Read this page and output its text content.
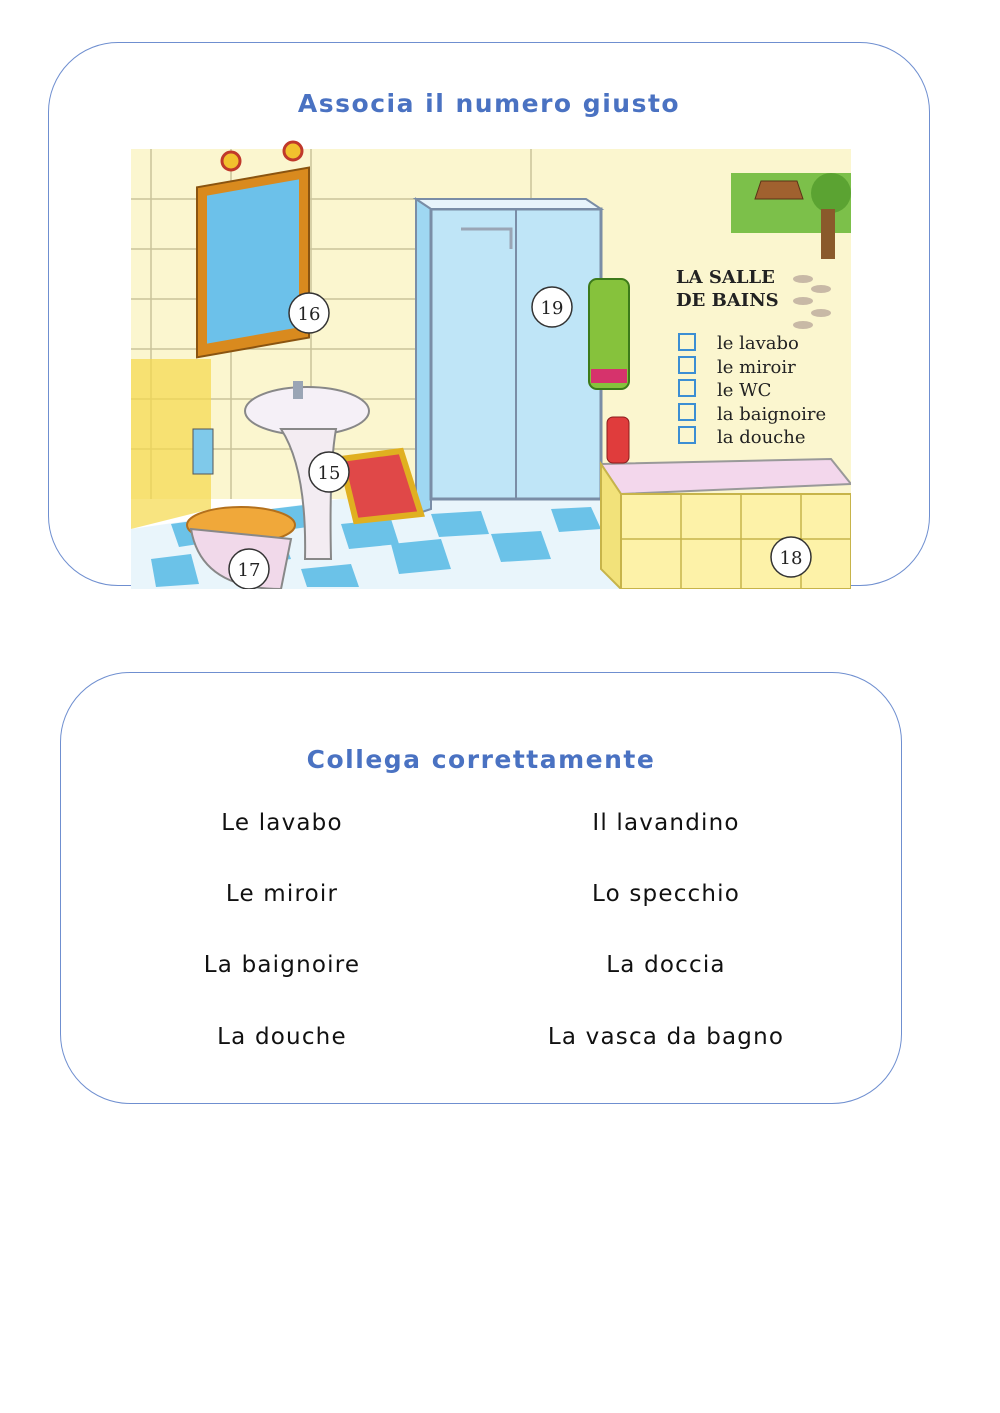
Associa il numero giusto
LA SALLE
DE BAINS
le lavabo
le miroir
le WC
la baignoire
la douche
16	19
15
18
17
Collega correttamente
Le lavabo
Le miroir
La baignoire
La douche
Il lavandino
Lo specchio
La doccia
La vasca da bagno
